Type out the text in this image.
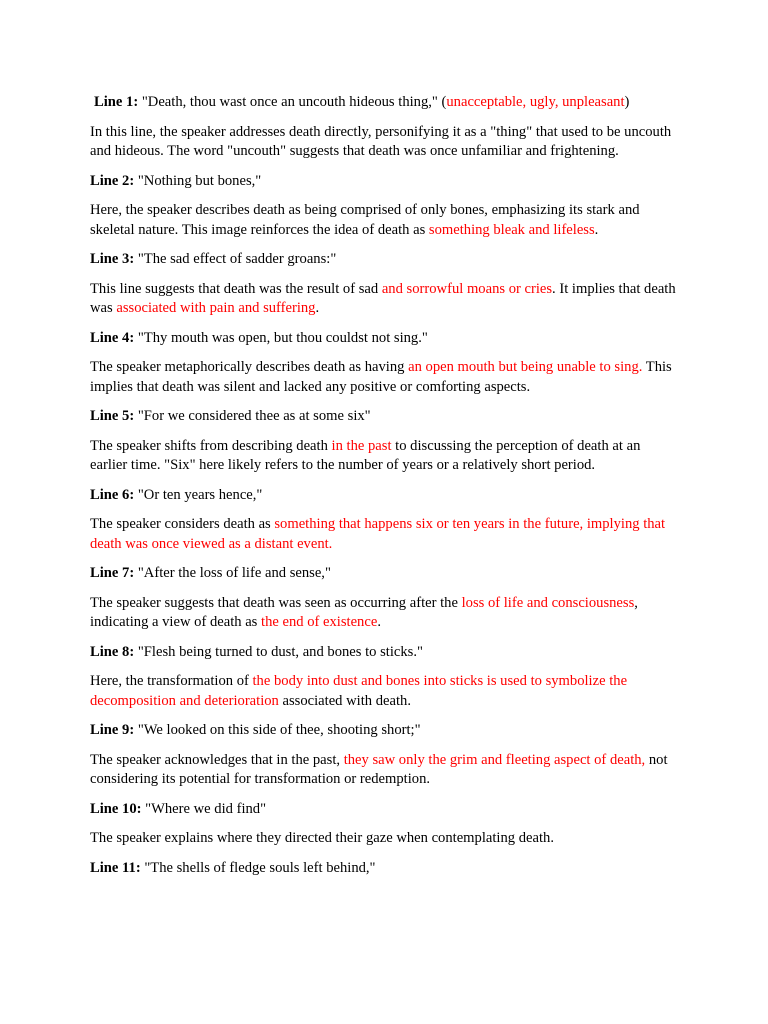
Line 1: "Death, thou wast once an uncouth hideous thing," (unacceptable, ugly, unpleasant)

In this line, the speaker addresses death directly, personifying it as a "thing" that used to be uncouth and hideous. The word "uncouth" suggests that death was once unfamiliar and frightening.

Line 2: "Nothing but bones,"

Here, the speaker describes death as being comprised of only bones, emphasizing its stark and skeletal nature. This image reinforces the idea of death as something bleak and lifeless.

Line 3: "The sad effect of sadder groans:"

This line suggests that death was the result of sad and sorrowful moans or cries. It implies that death was associated with pain and suffering.

Line 4: "Thy mouth was open, but thou couldst not sing."

The speaker metaphorically describes death as having an open mouth but being unable to sing. This implies that death was silent and lacked any positive or comforting aspects.

Line 5: "For we considered thee as at some six"

The speaker shifts from describing death in the past to discussing the perception of death at an earlier time. "Six" here likely refers to the number of years or a relatively short period.

Line 6: "Or ten years hence,"

The speaker considers death as something that happens six or ten years in the future, implying that death was once viewed as a distant event.

Line 7: "After the loss of life and sense,"

The speaker suggests that death was seen as occurring after the loss of life and consciousness, indicating a view of death as the end of existence.

Line 8: "Flesh being turned to dust, and bones to sticks."

Here, the transformation of the body into dust and bones into sticks is used to symbolize the decomposition and deterioration associated with death.

Line 9: "We looked on this side of thee, shooting short;"

The speaker acknowledges that in the past, they saw only the grim and fleeting aspect of death, not considering its potential for transformation or redemption.

Line 10: "Where we did find"

The speaker explains where they directed their gaze when contemplating death.

Line 11: "The shells of fledge souls left behind,"
